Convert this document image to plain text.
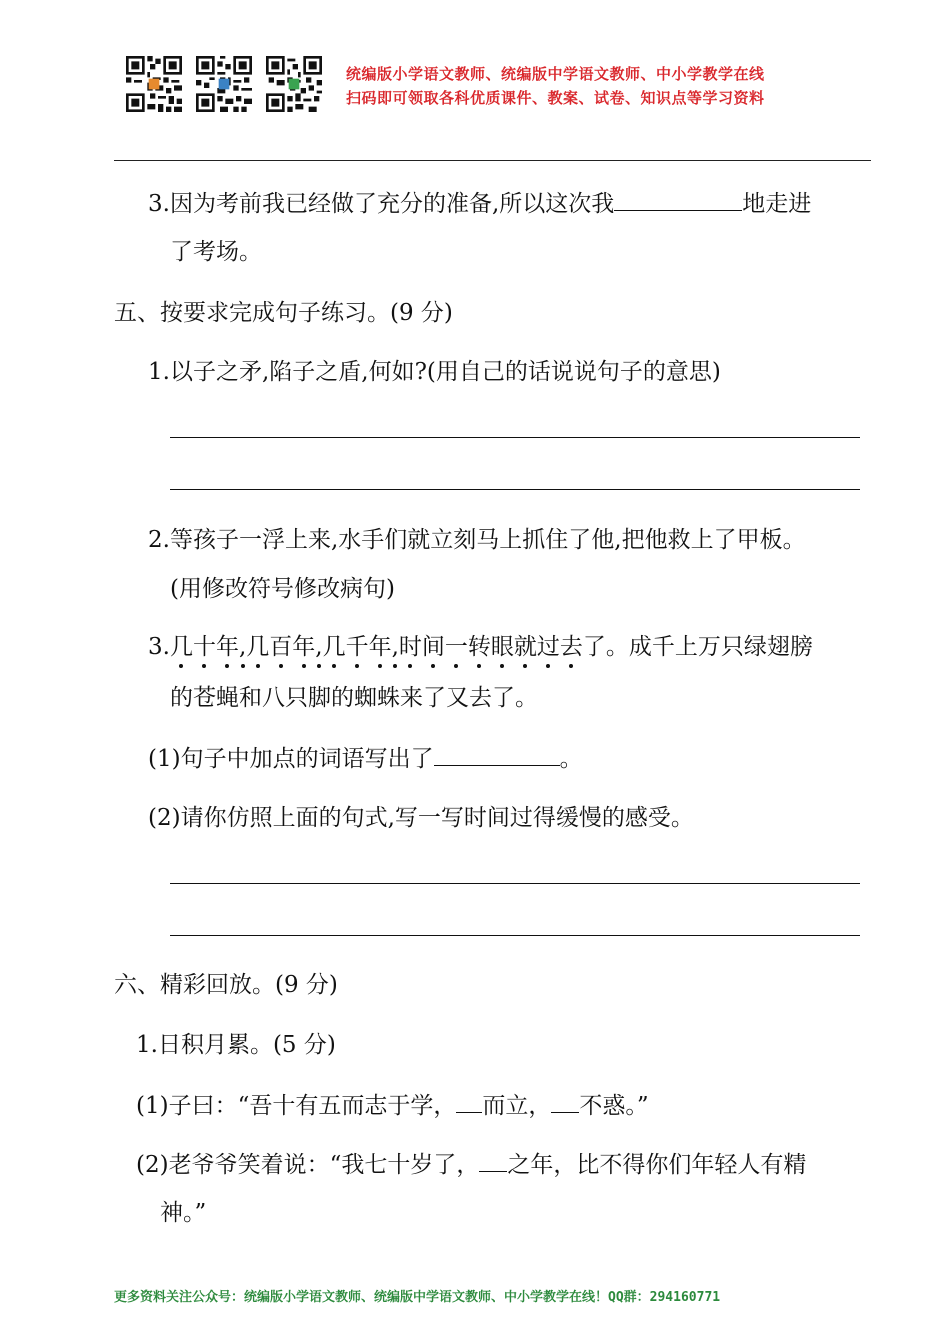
统编版小学语文教师、统编版中学语文教师、中小学教学在线
扫码即可领取各科优质课件、教案、试卷、知识点等学习资料
3.因为考前我已经做了充分的准备,所以这次我	地走进
了考场。
五、按要求完成句子练习。(9 分)
1.以子之矛,陷子之盾,何如?(用自己的话说说句子的意思)
2.等孩子一浮上来,水手们就立刻马上抓住了他,把他救上了甲板。
(用修改符号修改病句)
3.几十年,几百年,几千年,时间一转眼就过去了。成千上万只绿翅膀
的苍蝇和八只脚的蜘蛛来了又去了。
(1)句子中加点的词语写出了	。
(2)请你仿照上面的句式,写一写时间过得缓慢的感受。
六、精彩回放。(9 分)
1.日积月累。(5 分)
(1)子曰：“吾十有五而志于学， 而立， 不惑。”
(2)老爷爷笑着说：“我七十岁了， 之年，比不得你们年轻人有精
神。”
更多资料关注公众号：统编版小学语文教师、统编版中学语文教师、中小学教学在线！QQ群：294160771
